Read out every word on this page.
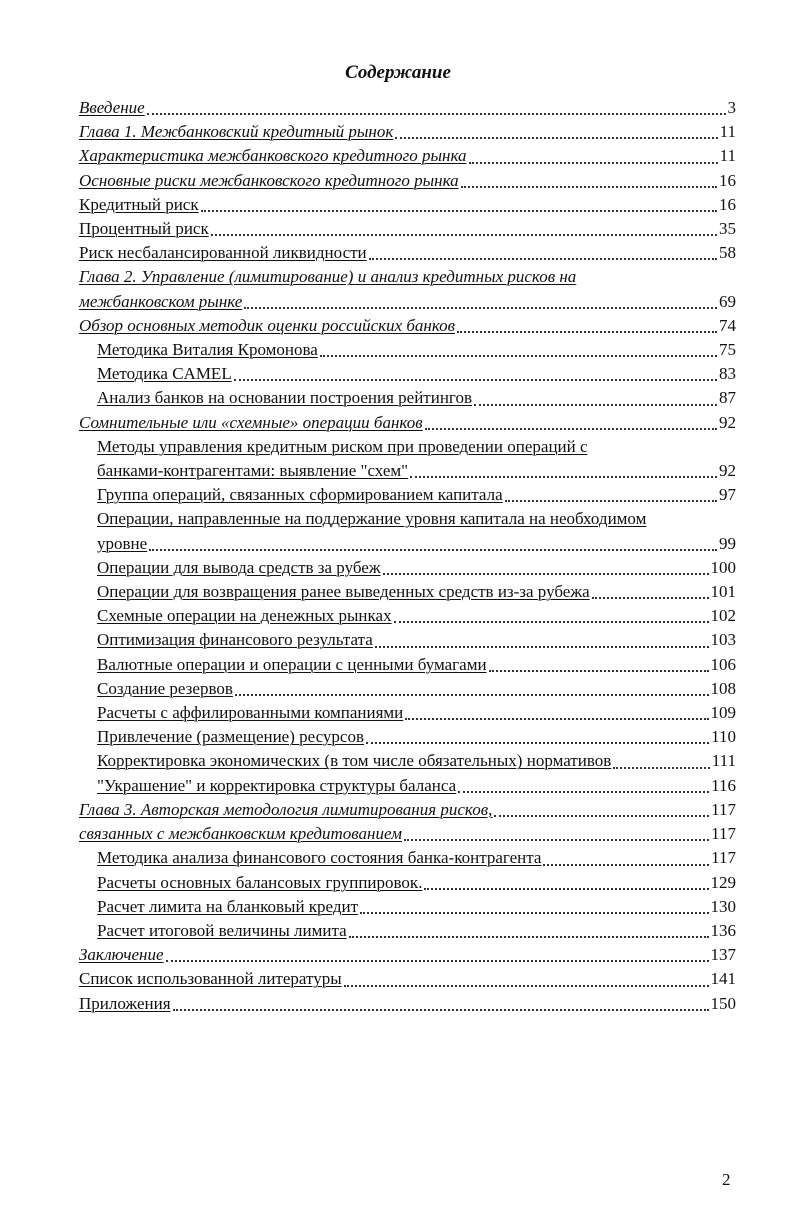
Содержание
Введение	3
Глава 1. Межбанковский кредитный рынок	11
Характеристика межбанковского кредитного рынка	11
Основные риски межбанковского кредитного рынка	16
Кредитный риск	16
Процентный риск	35
Риск несбалансированной ликвидности	58
Глава 2. Управление (лимитирование) и анализ кредитных рисков на
межбанковском рынке	69
Обзор основных методик оценки российских банков	74
Методика Виталия Кромонова	75
Методика CAMEL	83
Анализ банков на основании построения рейтингов	87
Сомнительные или «схемные» операции банков	92
Методы управления кредитным риском при проведении операций с
банками-контрагентами: выявление "схем"	92
Группа операций, связанных сформированием капитала	97
Операции, направленные на поддержание уровня капитала на необходимом
уровне	99
Операции для вывода средств за рубеж	100
Операции для возвращения ранее выведенных средств из-за рубежа	101
Схемные операции на денежных рынках	102
Оптимизация финансового результата	103
Валютные операции и операции с ценными бумагами	106
Создание резервов	108
Расчеты с аффилированными компаниями	109
Привлечение (размещение) ресурсов	110
Корректировка экономических (в том числе обязательных) нормативов	111
"Украшение" и корректировка структуры баланса	116
Глава 3. Авторская методология лимитирования рисков,	117
связанных с межбанковским кредитованием	117
Методика анализа финансового состояния банка-контрагента	117
Расчеты основных балансовых группировок.	129
Расчет лимита на бланковый кредит	130
Расчет итоговой величины лимита	136
Заключение	137
Список использованной литературы	141
Приложения	150
2
